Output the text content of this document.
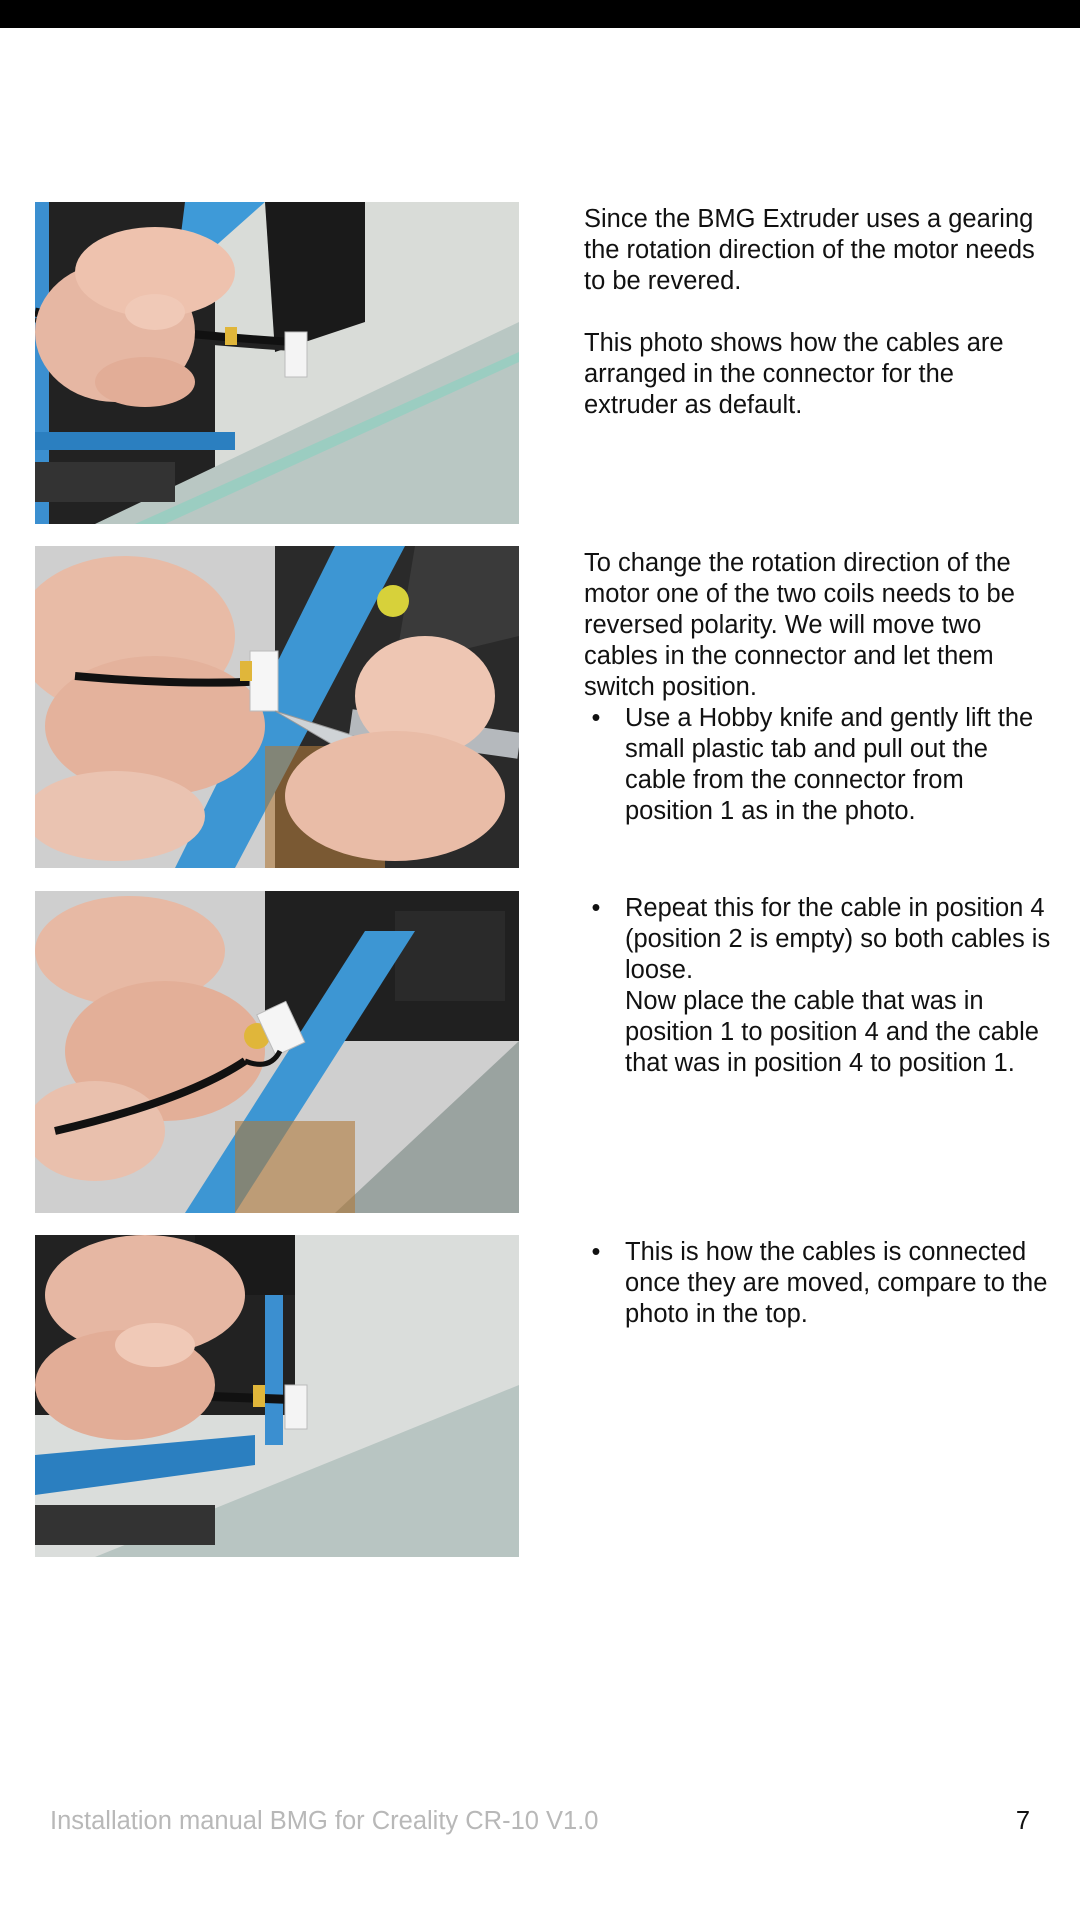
Since the BMG Extruder uses a gearing the rotation direction of the motor needs to be revered.

This photo shows how the cables are arranged in the connector for the extruder as default.

To change the rotation direction of the motor one of the two coils needs to be reversed polarity. We will move two cables in the connector and let them switch position.

• Use a Hobby knife and gently lift the small plastic tab and pull out the cable from the connector from position 1 as in the photo.

• Repeat this for the cable in position 4 (position 2 is empty) so both cables is loose.

Now place the cable that was in position 1 to position 4 and the cable that was in position 4 to position 1.

• This is how the cables is connected once they are moved, compare to the photo in the top.

Installation manual BMG for Creality CR-10 V1.0	7
